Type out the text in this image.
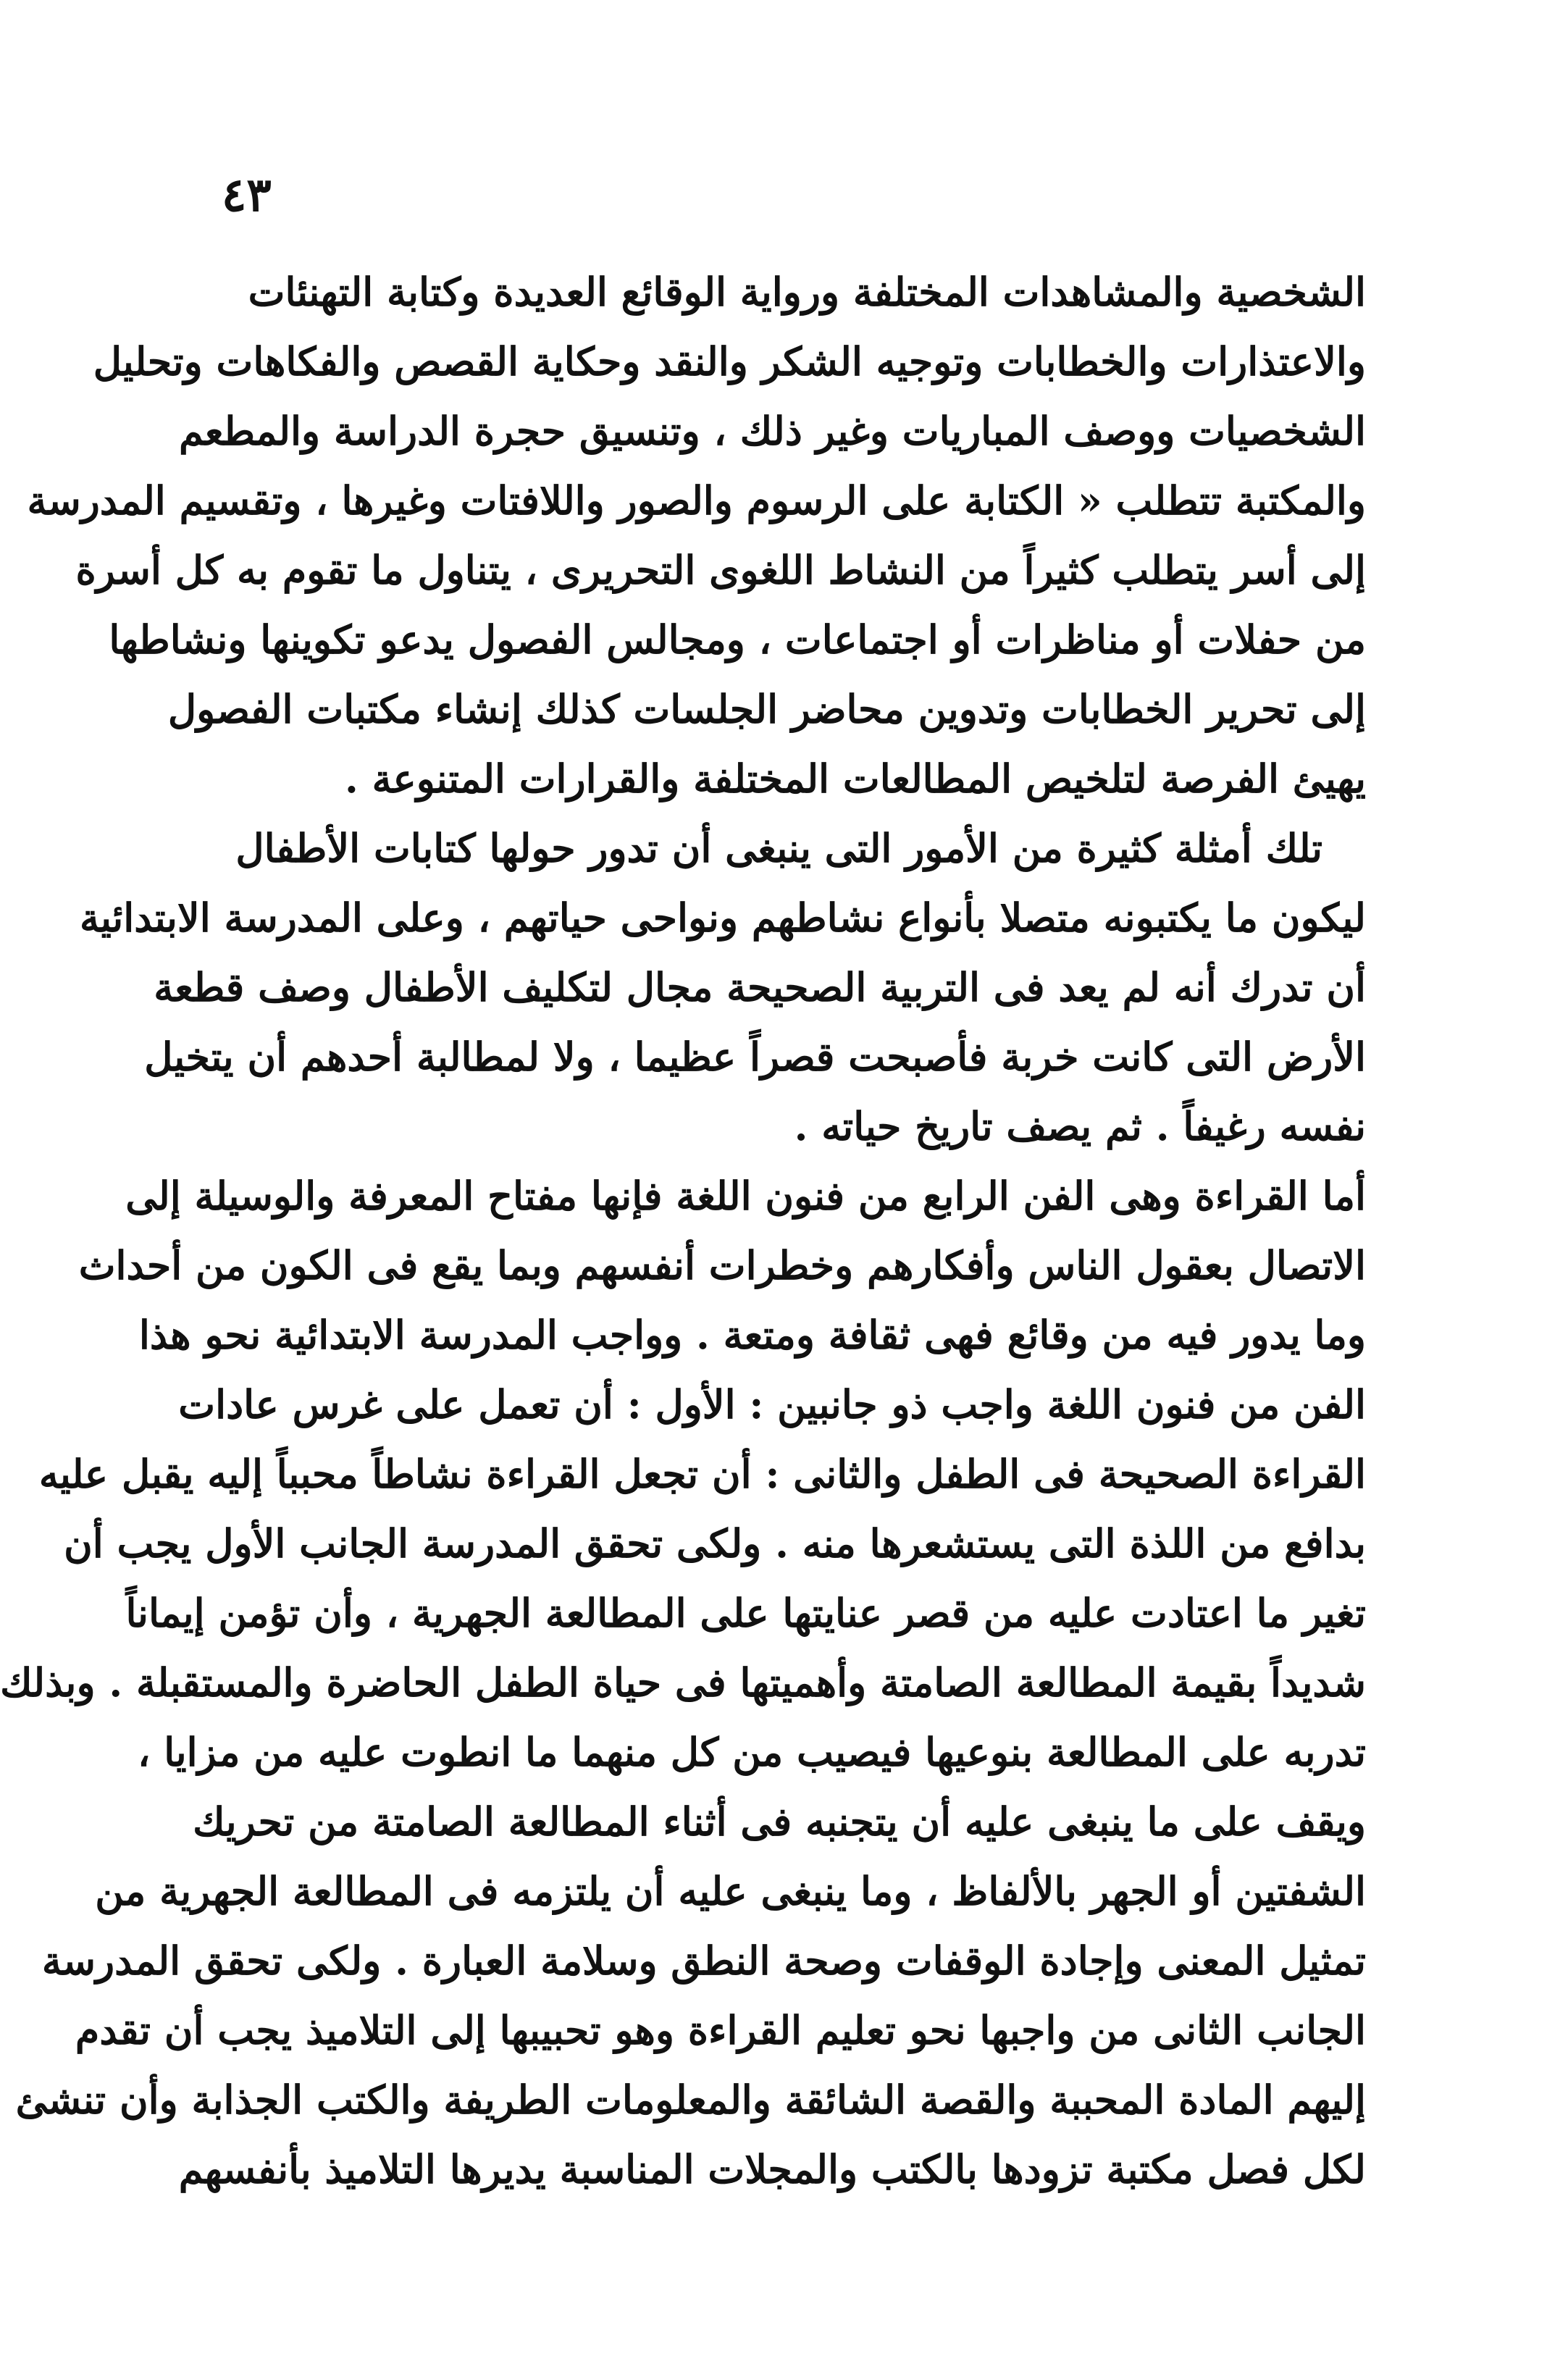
٤٣

الشخصية والمشاهدات المختلفة ورواية الوقائع العديدة وكتابة التهنئات
والاعتذارات والخطابات وتوجيه الشكر والنقد وحكاية القصص والفكاهات وتحليل
الشخصيات ووصف المباريات وغير ذلك ، وتنسيق حجرة الدراسة والمطعم
والمكتبة تتطلب « الكتابة على الرسوم والصور واللافتات وغيرها ، وتقسيم المدرسة
إلى أسر يتطلب كثيراً من النشاط اللغوى التحريرى ، يتناول ما تقوم به كل أسرة
من حفلات أو مناظرات أو اجتماعات ، ومجالس الفصول يدعو تكوينها ونشاطها
إلى تحرير الخطابات وتدوين محاضر الجلسات كذلك إنشاء مكتبات الفصول
يهيئ الفرصة لتلخيص المطالعات المختلفة والقرارات المتنوعة .

تلك أمثلة كثيرة من الأمور التى ينبغى أن تدور حولها كتابات الأطفال
ليكون ما يكتبونه متصلا بأنواع نشاطهم ونواحى حياتهم ، وعلى المدرسة الابتدائية
أن تدرك أنه لم يعد فى التربية الصحيحة مجال لتكليف الأطفال وصف قطعة
الأرض التى كانت خربة فأصبحت قصراً عظيما ، ولا لمطالبة أحدهم أن يتخيل
نفسه رغيفاً . ثم يصف تاريخ حياته .

أما القراءة وهى الفن الرابع من فنون اللغة فإنها مفتاح المعرفة والوسيلة إلى
الاتصال بعقول الناس وأفكارهم وخطرات أنفسهم وبما يقع فى الكون من أحداث
وما يدور فيه من وقائع فهى ثقافة ومتعة . وواجب المدرسة الابتدائية نحو هذا
الفن من فنون اللغة واجب ذو جانبين : الأول : أن تعمل على غرس عادات
القراءة الصحيحة فى الطفل والثانى : أن تجعل القراءة نشاطاً محبباً إليه يقبل عليه
بدافع من اللذة التى يستشعرها منه . ولكى تحقق المدرسة الجانب الأول يجب أن
تغير ما اعتادت عليه من قصر عنايتها على المطالعة الجهرية ، وأن تؤمن إيماناً
شديداً بقيمة المطالعة الصامتة وأهميتها فى حياة الطفل الحاضرة والمستقبلة . وبذلك
تدربه على المطالعة بنوعيها فيصيب من كل منهما ما انطوت عليه من مزايا ،
ويقف على ما ينبغى عليه أن يتجنبه فى أثناء المطالعة الصامتة من تحريك
الشفتين أو الجهر بالألفاظ ، وما ينبغى عليه أن يلتزمه فى المطالعة الجهرية من
تمثيل المعنى وإجادة الوقفات وصحة النطق وسلامة العبارة . ولكى تحقق المدرسة
الجانب الثانى من واجبها نحو تعليم القراءة وهو تحبيبها إلى التلاميذ يجب أن تقدم
إليهم المادة المحببة والقصة الشائقة والمعلومات الطريفة والكتب الجذابة وأن تنشئ
لكل فصل مكتبة تزودها بالكتب والمجلات المناسبة يديرها التلاميذ بأنفسهم
